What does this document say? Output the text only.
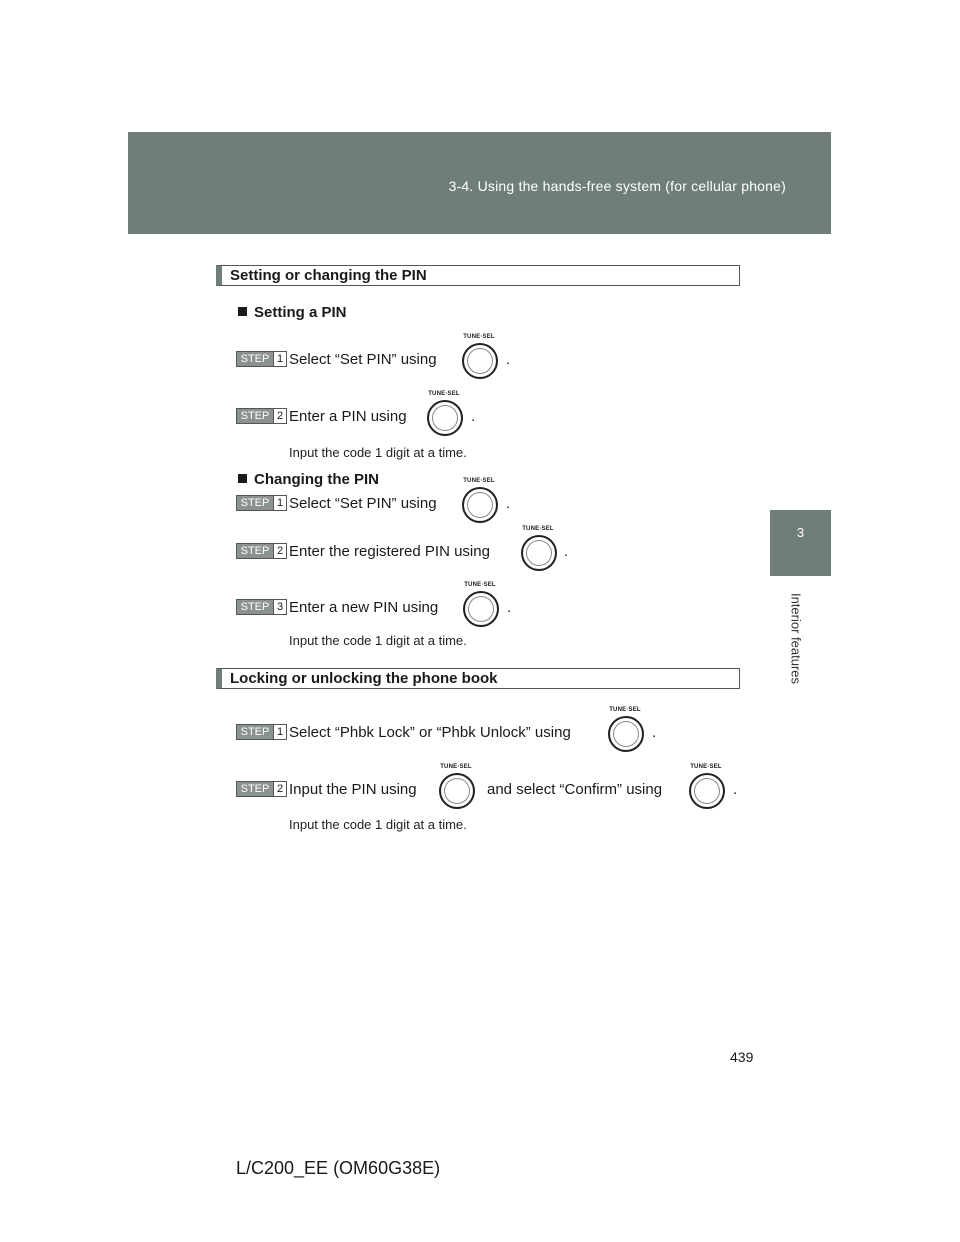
3-4. Using the hands-free system (for cellular phone)
3
Interior features
Setting or changing the PIN
Setting a PIN
STEP 1 Select “Set PIN” using
TUNE·SEL
.
STEP 2 Enter a PIN using
TUNE·SEL
.
Input the code 1 digit at a time.
Changing the PIN
STEP 1 Select “Set PIN” using
TUNE·SEL
.
STEP 2 Enter the registered PIN using
TUNE·SEL
.
STEP 3 Enter a new PIN using
TUNE·SEL
.
Input the code 1 digit at a time.
Locking or unlocking the phone book
STEP 1 Select “Phbk Lock” or “Phbk Unlock” using
TUNE·SEL
.
STEP 2 Input the PIN using
TUNE·SEL
and select “Confirm” using
TUNE·SEL
.
Input the code 1 digit at a time.
439
L/C200_EE (OM60G38E)
